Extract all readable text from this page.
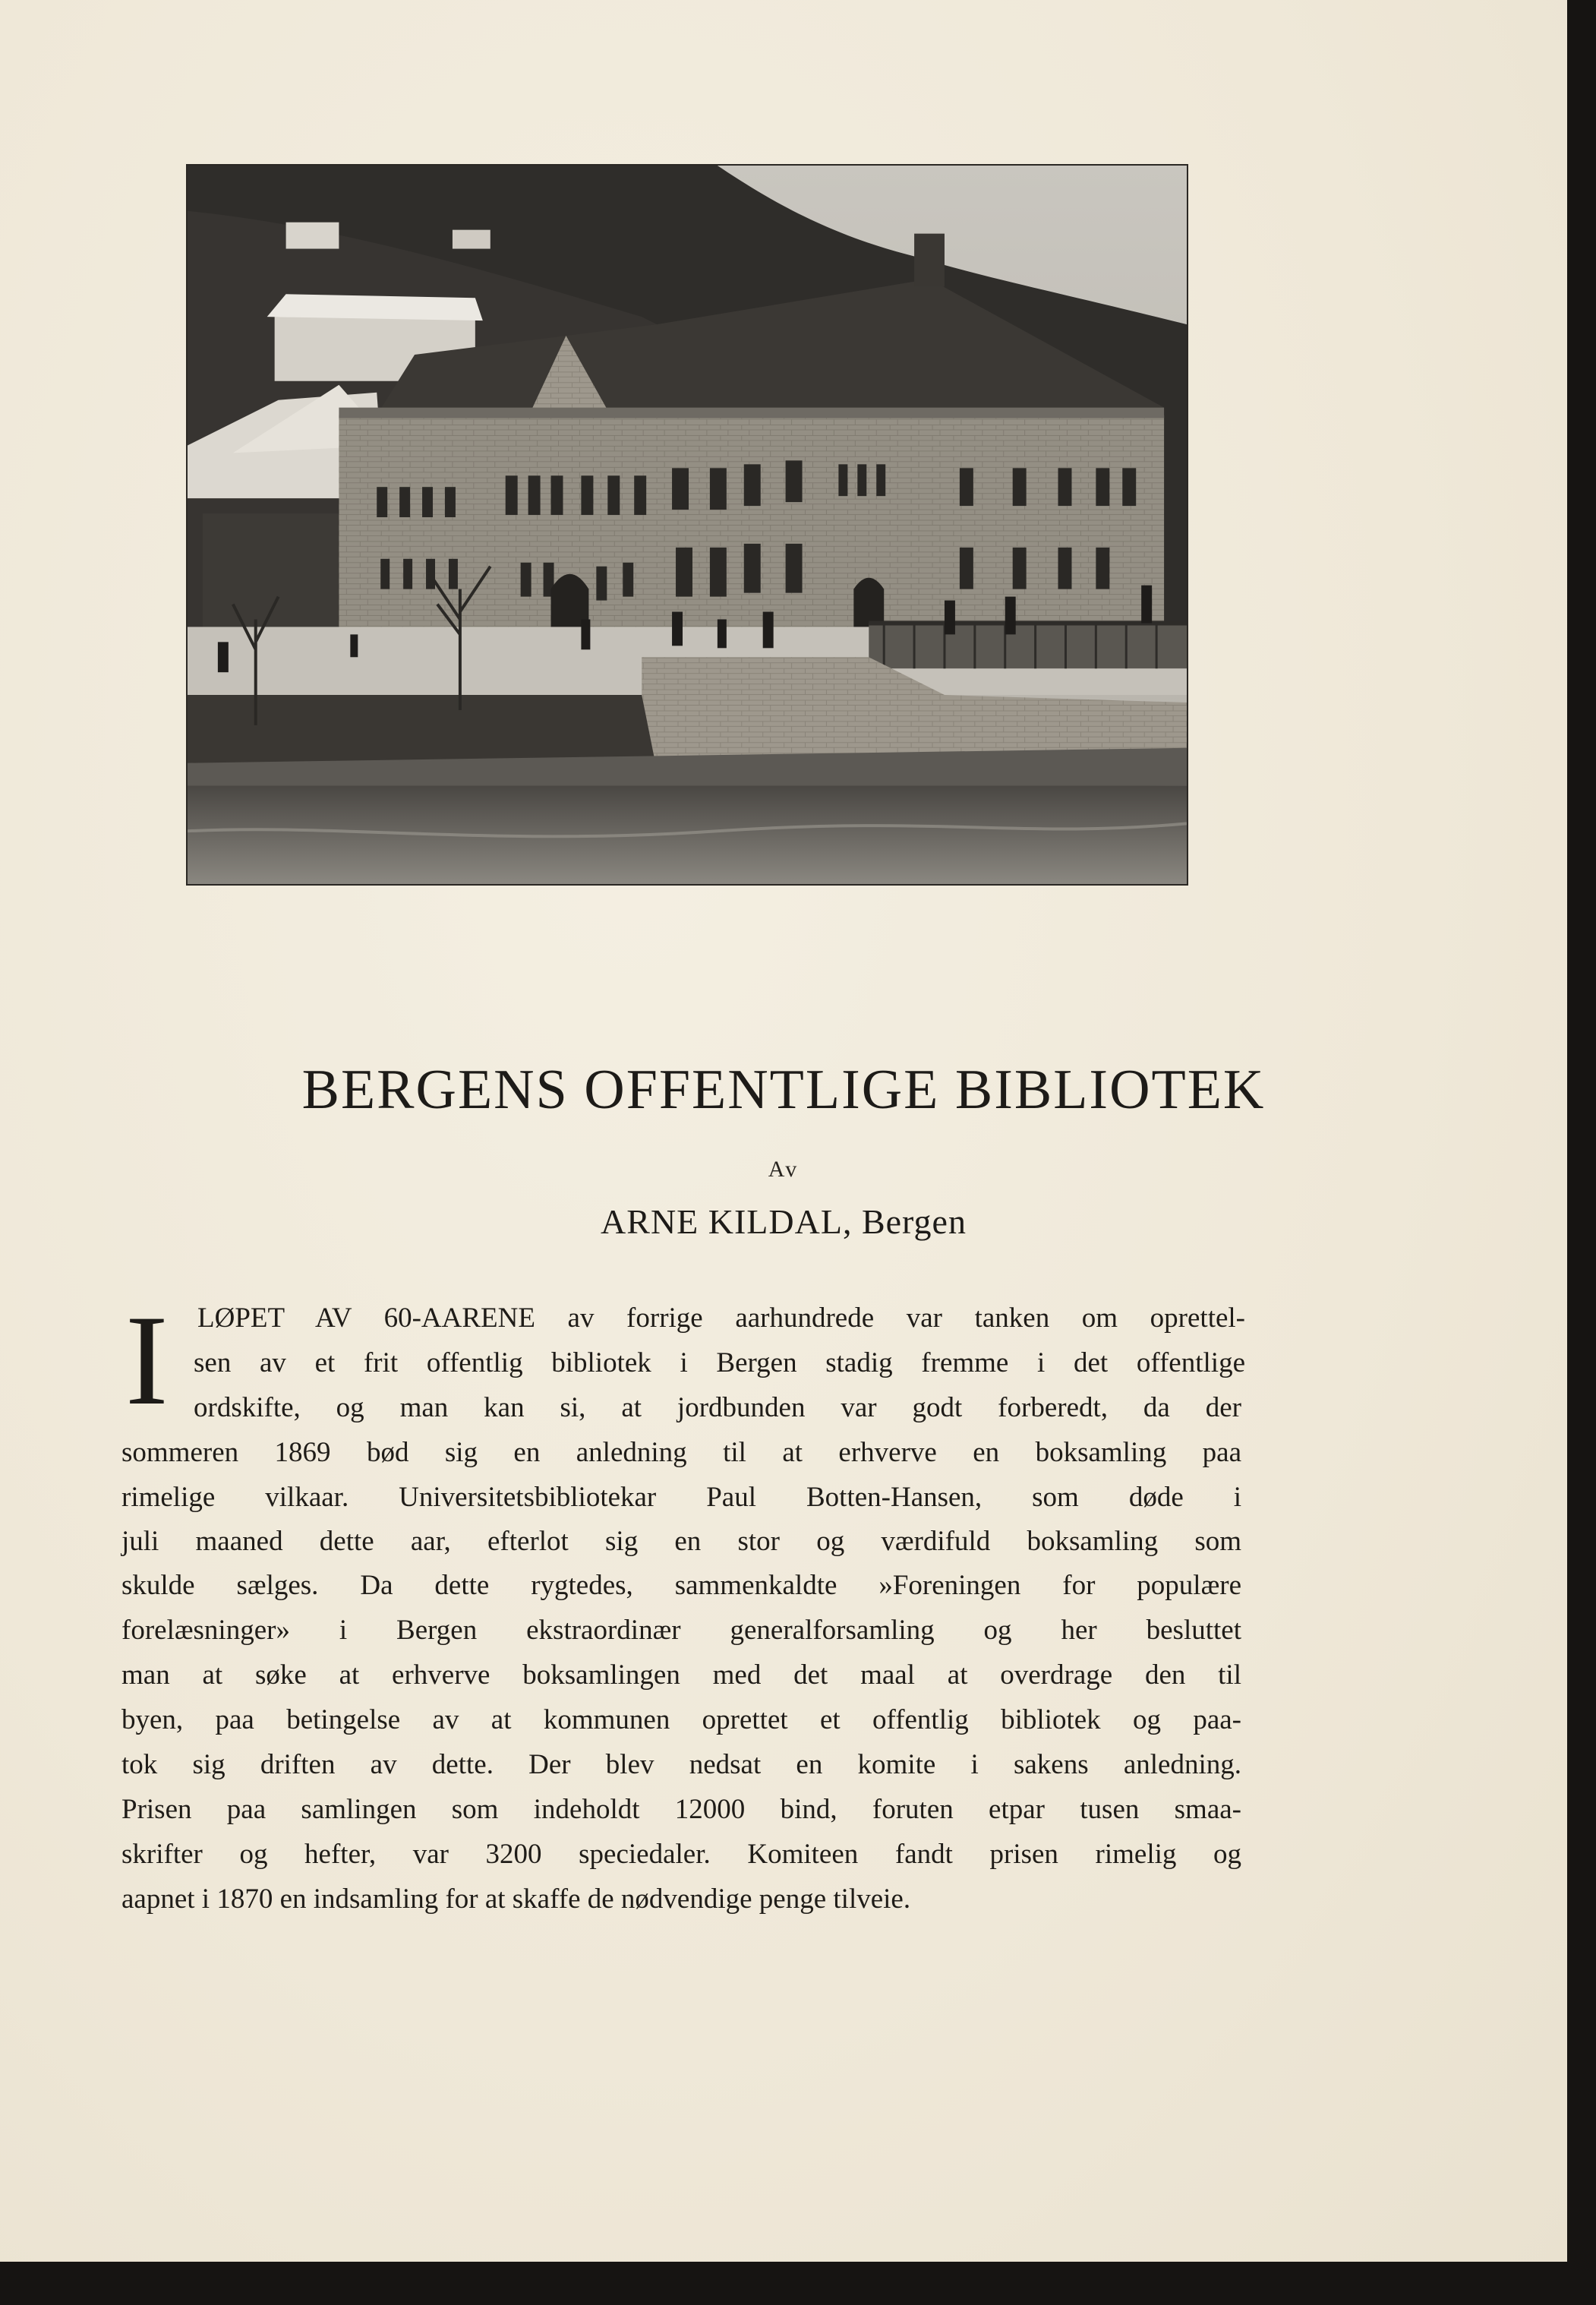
BERGENS OFFENTLIGE BIBLIOTEK
Av
ARNE KILDAL, Bergen
I LØPET AV 60-AARENE av forrige aarhundrede var tanken om oprettel-
sen av et frit offentlig bibliotek i Bergen stadig fremme i det offentlige
ordskifte, og man kan si, at jordbunden var godt forberedt, da der
sommeren 1869 bød sig en anledning til at erhverve en boksamling paa
rimelige vilkaar. Universitetsbibliotekar Paul Botten-Hansen, som døde i
juli maaned dette aar, efterlot sig en stor og værdifuld boksamling som
skulde sælges. Da dette rygtedes, sammenkaldte »Foreningen for populære
forelæsninger» i Bergen ekstraordinær generalforsamling og her besluttet
man at søke at erhverve boksamlingen med det maal at overdrage den til
byen, paa betingelse av at kommunen oprettet et offentlig bibliotek og paa-
tok sig driften av dette. Der blev nedsat en komite i sakens anledning.
Prisen paa samlingen som indeholdt 12000 bind, foruten etpar tusen smaa-
skrifter og hefter, var 3200 speciedaler. Komiteen fandt prisen rimelig og
aapnet i 1870 en indsamling for at skaffe de nødvendige penge tilveie.
